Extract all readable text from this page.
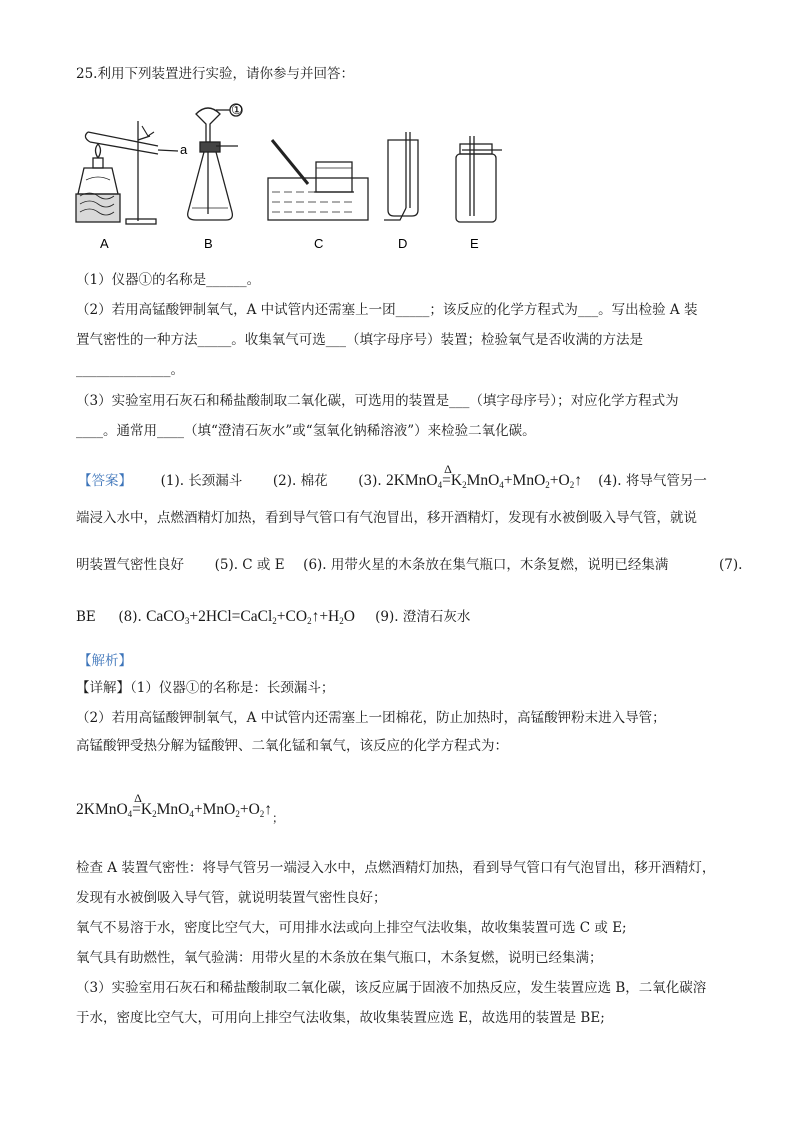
25.利用下列装置进行实验，请你参与并回答：
a
①
A	B	C	D	E
（1）仪器①的名称是______。
（2）若用高锰酸钾制氧气，A 中试管内还需塞上一团_____；该反应的化学方程式为___。写出检验 A 装
置气密性的一种方法_____。收集氧气可选___（填字母序号）装置；检验氧气是否收满的方法是
______________。
（3）实验室用石灰石和稀盐酸制取二氧化碳，可选用的装置是___（填字母序号）；对应化学方程式为
____。通常用____（填“澄清石灰水”或“氢氧化钠稀溶液”）来检验二氧化碳。
【答案】 (1). 长颈漏斗 (2). 棉花 (3). 2KMnO$_4$
Δ
$=K_2MnO_4+MnO_2+O_2↑$ (4). 将导气管另一
端浸入水中，点燃酒精灯加热，看到导气管口有气泡冒出，移开酒精灯，发现有水被倒吸入导气管，就说
明装置气密性良好 (5). C 或 E (6). 用带火星的木条放在集气瓶口，木条复燃，说明已经集满	(7).
BE (8). $CaCO_3+2HCl=CaCl_2+CO_2↑+H_2O$ (9). 澄清石灰水
【解析】
【详解】（1）仪器①的名称是：长颈漏斗；
（2）若用高锰酸钾制氧气，A 中试管内还需塞上一团棉花，防止加热时，高锰酸钾粉末进入导管；
高锰酸钾受热分解为锰酸钾、二氧化锰和氧气，该反应的化学方程式为：
2KMnO$_4$
Δ
$=K_2MnO_4+MnO_2+O_2↑_;$
检查 A 装置气密性：将导气管另一端浸入水中，点燃酒精灯加热，看到导气管口有气泡冒出，移开酒精灯，
发现有水被倒吸入导气管，就说明装置气密性良好；
氧气不易溶于水，密度比空气大，可用排水法或向上排空气法收集，故收集装置可选 C 或 E;
氧气具有助燃性，氧气验满：用带火星的木条放在集气瓶口，木条复燃，说明已经集满；
（3）实验室用石灰石和稀盐酸制取二氧化碳，该反应属于固液不加热反应，发生装置应选 B，二氧化碳溶
于水，密度比空气大，可用向上排空气法收集，故收集装置应选 E，故选用的装置是 BE;
